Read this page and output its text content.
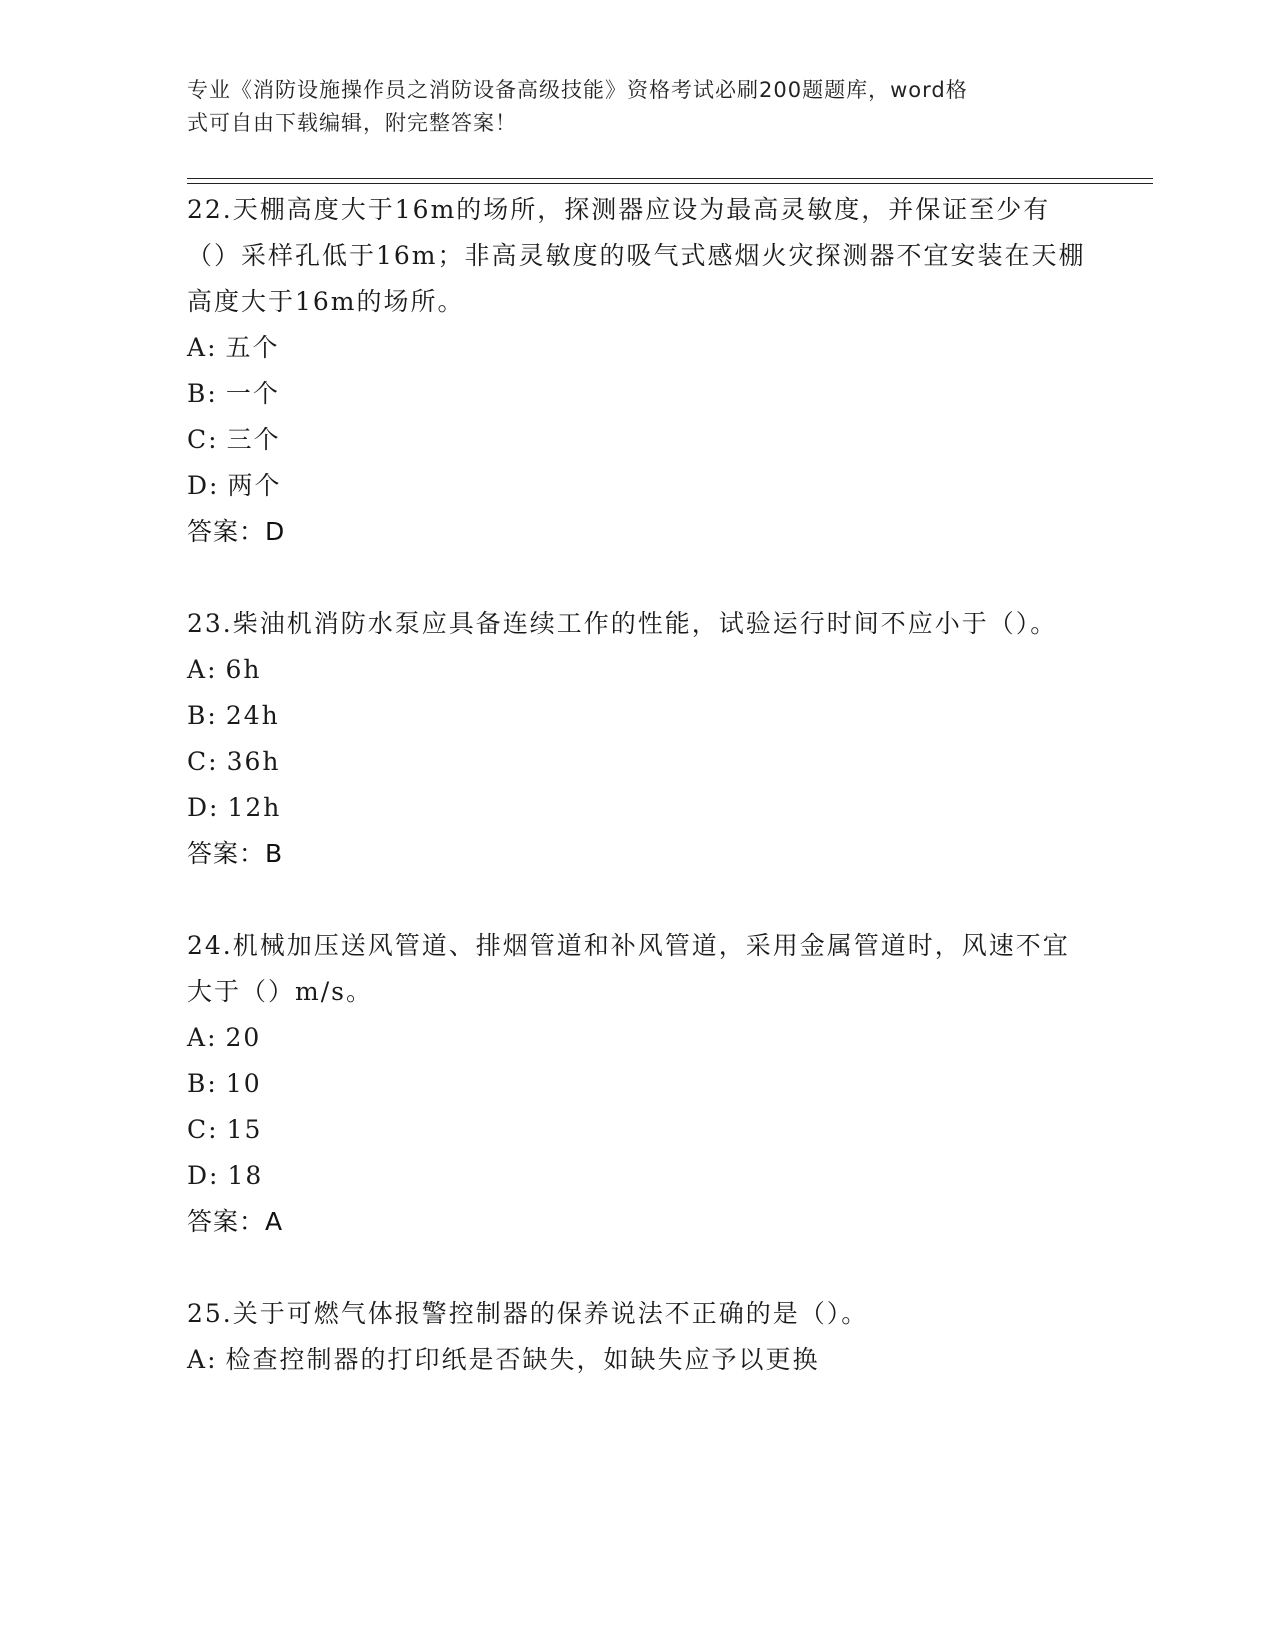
专业《消防设施操作员之消防设备高级技能》资格考试必刷200题题库，word格
式可自由下载编辑，附完整答案！

22.天棚高度大于16m的场所，探测器应设为最高灵敏度，并保证至少有（）采样孔低于16m；非高灵敏度的吸气式感烟火灾探测器不宜安装在天棚高度大于16m的场所。

A: 五个

B: 一个

C: 三个

D: 两个

答案：D

23.柴油机消防水泵应具备连续工作的性能，试验运行时间不应小于（）。

A: 6h

B: 24h

C: 36h

D: 12h

答案：B

24.机械加压送风管道、排烟管道和补风管道，采用金属管道时，风速不宜大于（）m/s。

A: 20

B: 10

C: 15

D: 18

答案：A

25.关于可燃气体报警控制器的保养说法不正确的是（）。

A: 检查控制器的打印纸是否缺失，如缺失应予以更换
